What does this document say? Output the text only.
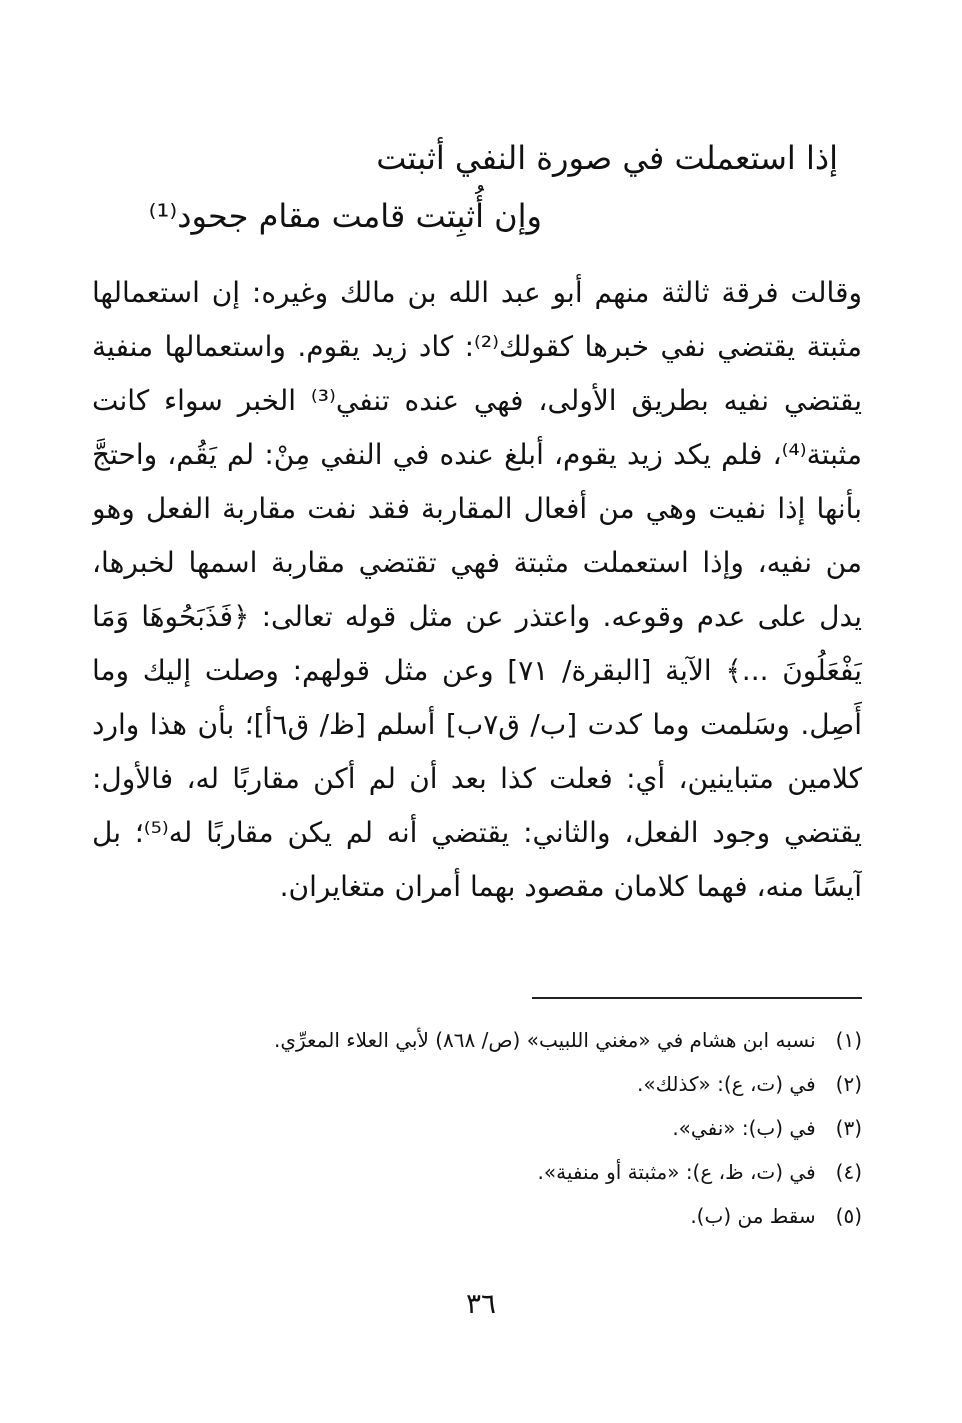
إذا استعملت في صورة النفي أثبتت
وإن أُثبِتت قامت مقام جحود⁽¹⁾
وقالت فرقة ثالثة منهم أبو عبد الله بن مالك وغيره: إن استعمالها
مثبتة يقتضي نفي خبرها كقولك⁽²⁾: كاد زيد يقوم. واستعمالها منفية
يقتضي نفيه بطريق الأولى، فهي عنده تنفي⁽³⁾ الخبر سواء كانت
مثبتة⁽⁴⁾، فلم يكد زيد يقوم، أبلغ عنده في النفي مِنْ: لم يَقُم، واحتجَّ
بأنها إذا نفيت وهي من أفعال المقاربة فقد نفت مقاربة الفعل وهو
من نفيه، وإذا استعملت مثبتة فهي تقتضي مقاربة اسمها لخبرها،
يدل على عدم وقوعه. واعتذر عن مثل قوله تعالى: ﴿فَذَبَحُوهَا وَمَا
يَفْعَلُونَ ...﴾ الآية [البقرة/ ٧١] وعن مثل قولهم: وصلت إليك وما
أَصِل. وسَلمت وما كدت [ب/ ق٧ب] أسلم [ظ/ ق٦أ]؛ بأن هذا وارد
كلامين متباينين، أي: فعلت كذا بعد أن لم أكن مقاربًا له، فالأول:
يقتضي وجود الفعل، والثاني: يقتضي أنه لم يكن مقاربًا له⁽⁵⁾؛ بل
آيسًا منه، فهما كلامان مقصود بهما أمران متغايران.
(١) نسبه ابن هشام في «مغني اللبيب» (ص/ ٨٦٨) لأبي العلاء المعرِّي.
(٢) في (ت، ع): «كذلك».
(٣) في (ب): «نفي».
(٤) في (ت، ظ، ع): «مثبتة أو منفية».
(٥) سقط من (ب).
٣٦
